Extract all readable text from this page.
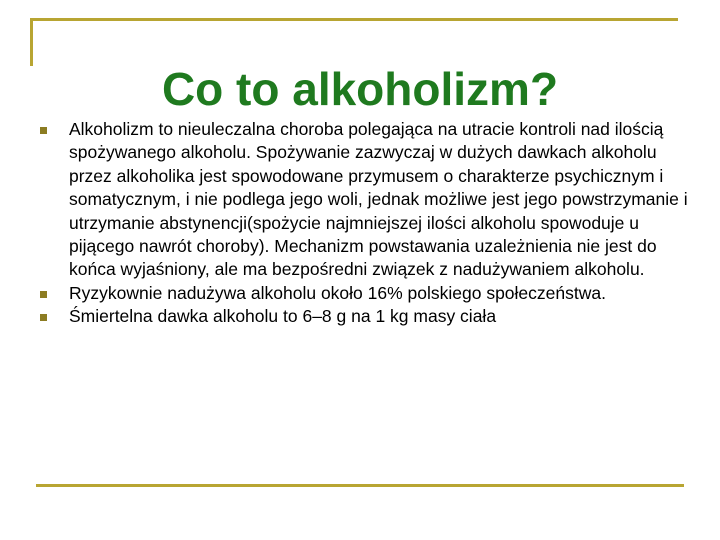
Co to alkoholizm?
Alkoholizm to nieuleczalna choroba polegająca na utracie kontroli nad ilością spożywanego alkoholu. Spożywanie zazwyczaj w dużych dawkach alkoholu przez alkoholika jest spowodowane przymusem o charakterze psychicznym i somatycznym, i nie podlega jego woli, jednak możliwe jest jego powstrzymanie i utrzymanie abstynencji(spożycie najmniejszej ilości alkoholu spowoduje u pijącego nawrót choroby). Mechanizm powstawania uzależnienia nie jest do końca wyjaśniony, ale ma bezpośredni związek z nadużywaniem alkoholu.
Ryzykownie nadużywa alkoholu około 16% polskiego społeczeństwa.
Śmiertelna dawka alkoholu to 6–8 g na 1 kg masy ciała
